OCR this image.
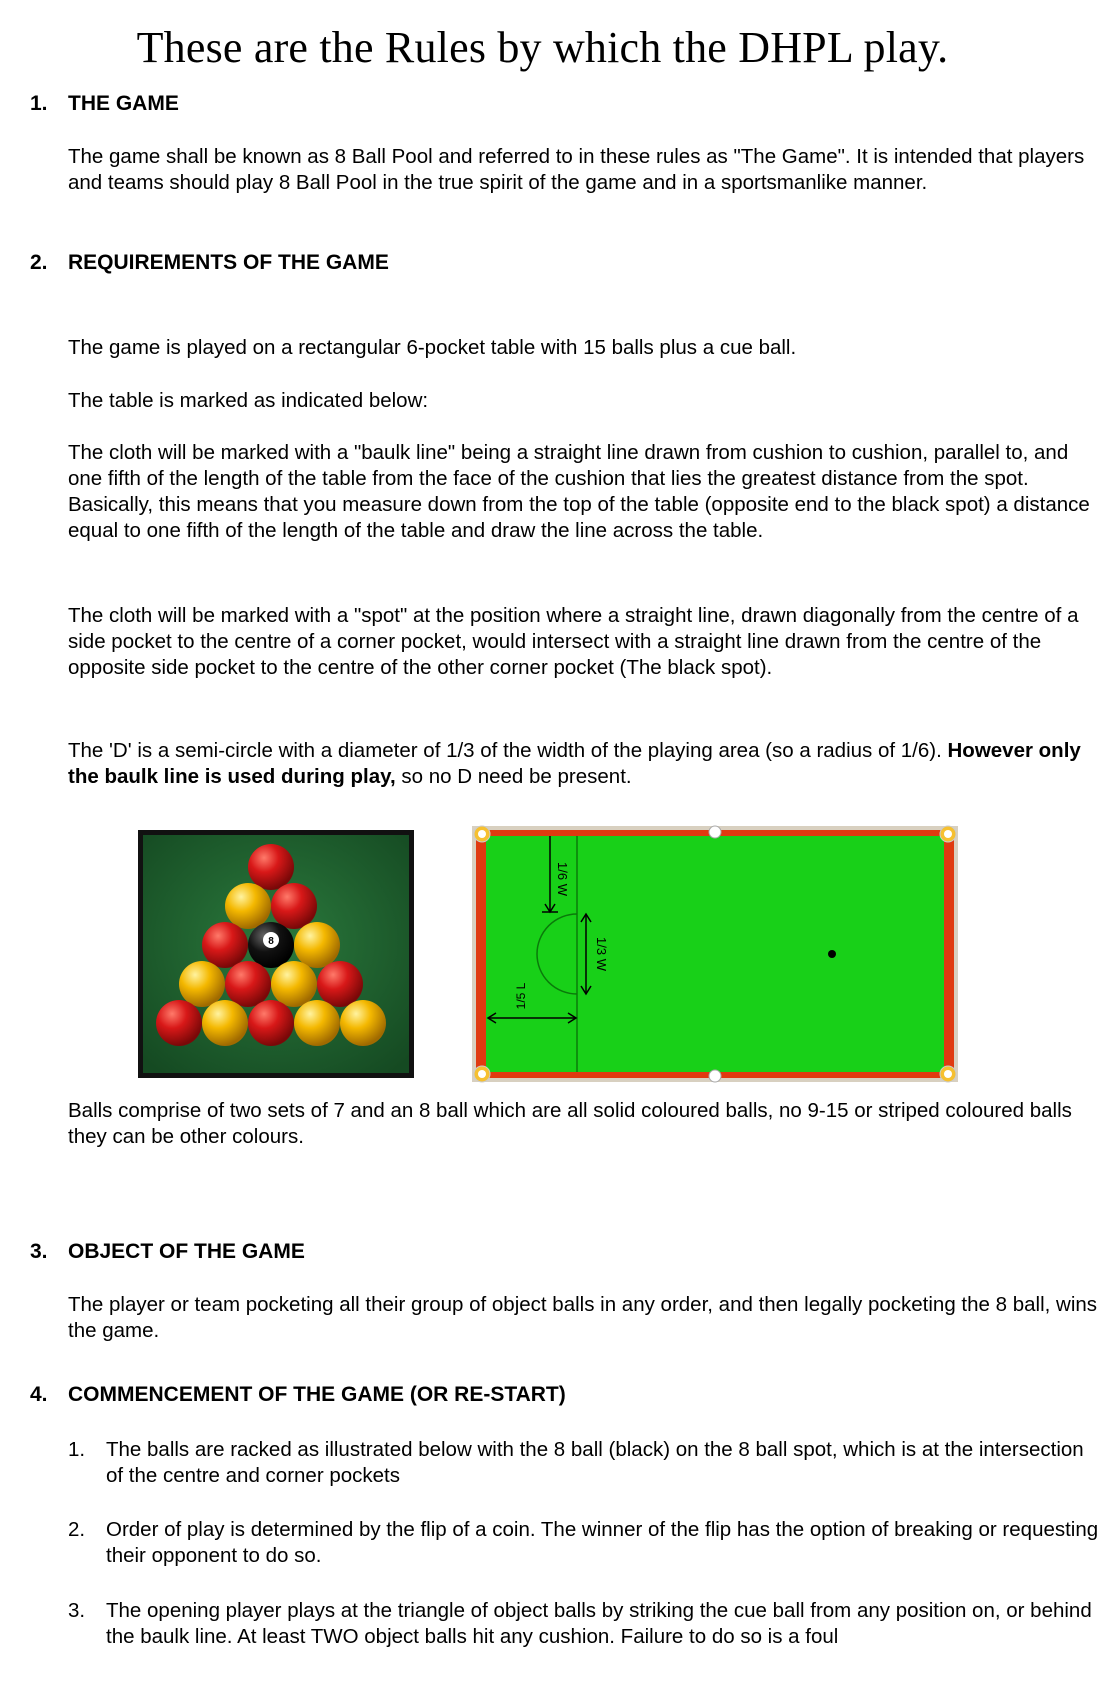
These are the Rules by which the DHPL play.
1. THE GAME

The game shall be known as 8 Ball Pool and referred to in these rules as "The Game". It is intended that players and teams should play 8 Ball Pool in the true spirit of the game and in a sportsmanlike manner.

2. REQUIREMENTS OF THE GAME

The game is played on a rectangular 6-pocket table with 15 balls plus a cue ball.

The table is marked as indicated below:

The cloth will be marked with a "baulk line" being a straight line drawn from cushion to cushion, parallel to, and one fifth of the length of the table from the face of the cushion that lies the greatest distance from the spot. Basically, this means that you measure down from the top of the table (opposite end to the black spot) a distance equal to one fifth of the length of the table and draw the line across the table.

The cloth will be marked with a "spot" at the position where a straight line, drawn diagonally from the centre of a side pocket to the centre of a corner pocket, would intersect with a straight line drawn from the centre of the opposite side pocket to the centre of the other corner pocket (The black spot).

The 'D' is a semi-circle with a diameter of 1/3 of the width of the playing area (so a radius of 1/6). However only the baulk line is used during play, so no D need be present.

8
1/6 W
1/3 W
1/5 L

Balls comprise of two sets of 7 and an 8 ball which are all solid coloured balls, no 9-15 or striped coloured balls they can be other colours.

3. OBJECT OF THE GAME

The player or team pocketing all their group of object balls in any order, and then legally pocketing the 8 ball, wins the game.

4. COMMENCEMENT OF THE GAME (OR RE-START)
1.	The balls are racked as illustrated below with the 8 ball (black) on the 8 ball spot, which is at the intersection of the centre and corner pockets
2.	Order of play is determined by the flip of a coin. The winner of the flip has the option of breaking or requesting their opponent to do so.
3.	The opening player plays at the triangle of object balls by striking the cue ball from any position on, or behind the baulk line. At least TWO object balls hit any cushion. Failure to do so is a foul
